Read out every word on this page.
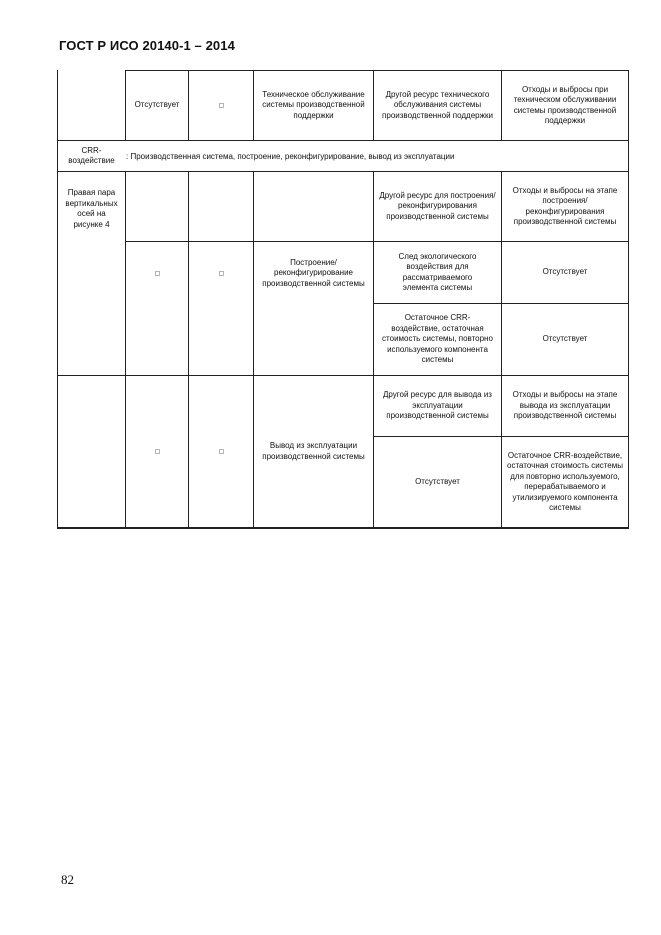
ГОСТ Р ИСО 20140-1 – 2014
Отсутствует
Техническое обслуживание системы производственной поддержки
Другой ресурс технического обслуживания системы производственной поддержки
Отходы и выбросы при техническом обслуживании системы производственной поддержки
CRR-воздействие : Производственная система, построение, реконфигурирование, вывод из эксплуатации
Правая пара вертикальных осей на рисунке 4
Построение/реконфигурирование производственной системы
Другой ресурс для построения/реконфигурирования производственной системы
Отходы и выбросы на этапе построения/реконфигурирования производственной системы
След экологического воздействия для рассматриваемого элемента системы
Отсутствует
Остаточное CRR-воздействие, остаточная стоимость системы, повторно используемого компонента системы
Отсутствует
Вывод из эксплуатации производственной системы
Другой ресурс для вывода из эксплуатации производственной системы
Отходы и выбросы на этапе вывода из эксплуатации производственной системы
Отсутствует
Остаточное CRR-воздействие, остаточная стоимость системы для повторно используемого, перерабатываемого и утилизируемого компонента системы
82
